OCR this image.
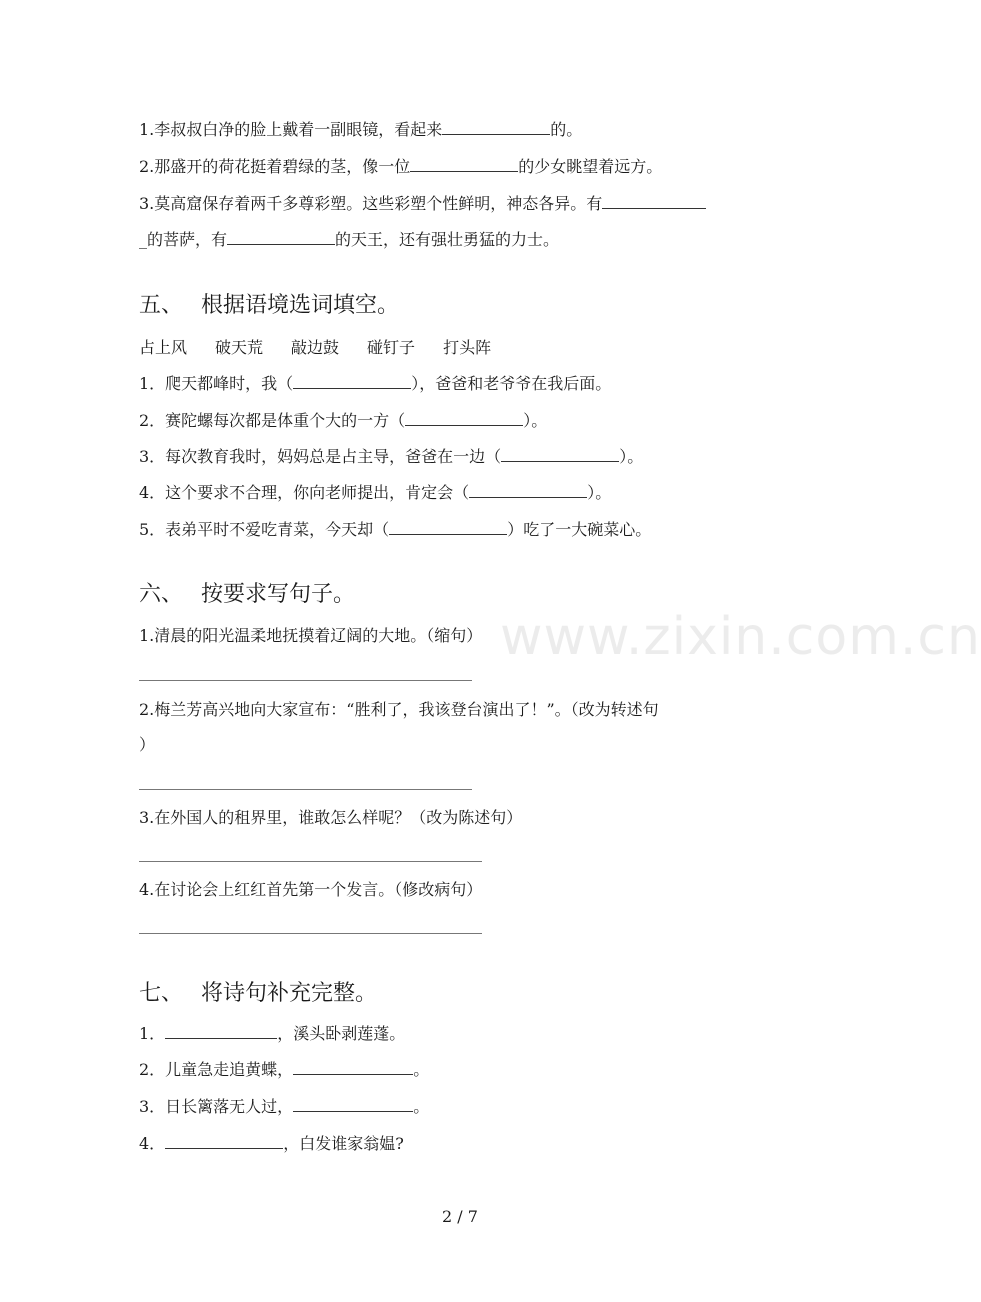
1.李叔叔白净的脸上戴着一副眼镜，看起来	的。
2.那盛开的荷花挺着碧绿的茎，像一位	的少女眺望着远方。
3.莫高窟保存着两千多尊彩塑。这些彩塑个性鲜明，神态各异。有
_的菩萨，有	的天王，还有强壮勇猛的力士。
五、 根据语境选词填空。
占上风 破天荒 敲边鼓 碰钉子 打头阵
1．爬天都峰时，我（	），爸爸和老爷爷在我后面。
2．赛陀螺每次都是体重个大的一方（	）。
3．每次教育我时，妈妈总是占主导，爸爸在一边（	）。
4．这个要求不合理，你向老师提出，肯定会（	）。
5．表弟平时不爱吃青菜，今天却（	）吃了一大碗菜心。
www.zixin.com.cn
六、 按要求写句子。
1.清晨的阳光温柔地抚摸着辽阔的大地。（缩句）
2.梅兰芳高兴地向大家宣布：“胜利了，我该登台演出了！”。（改为转述句
）
3.在外国人的租界里，谁敢怎么样呢？（改为陈述句）
4.在讨论会上红红首先第一个发言。（修改病句）
七、 将诗句补充完整。
1．	，溪头卧剥莲蓬。
2．儿童急走追黄蝶，	。
3．日长篱落无人过，	。
4．	，白发谁家翁媪?
2 / 7
